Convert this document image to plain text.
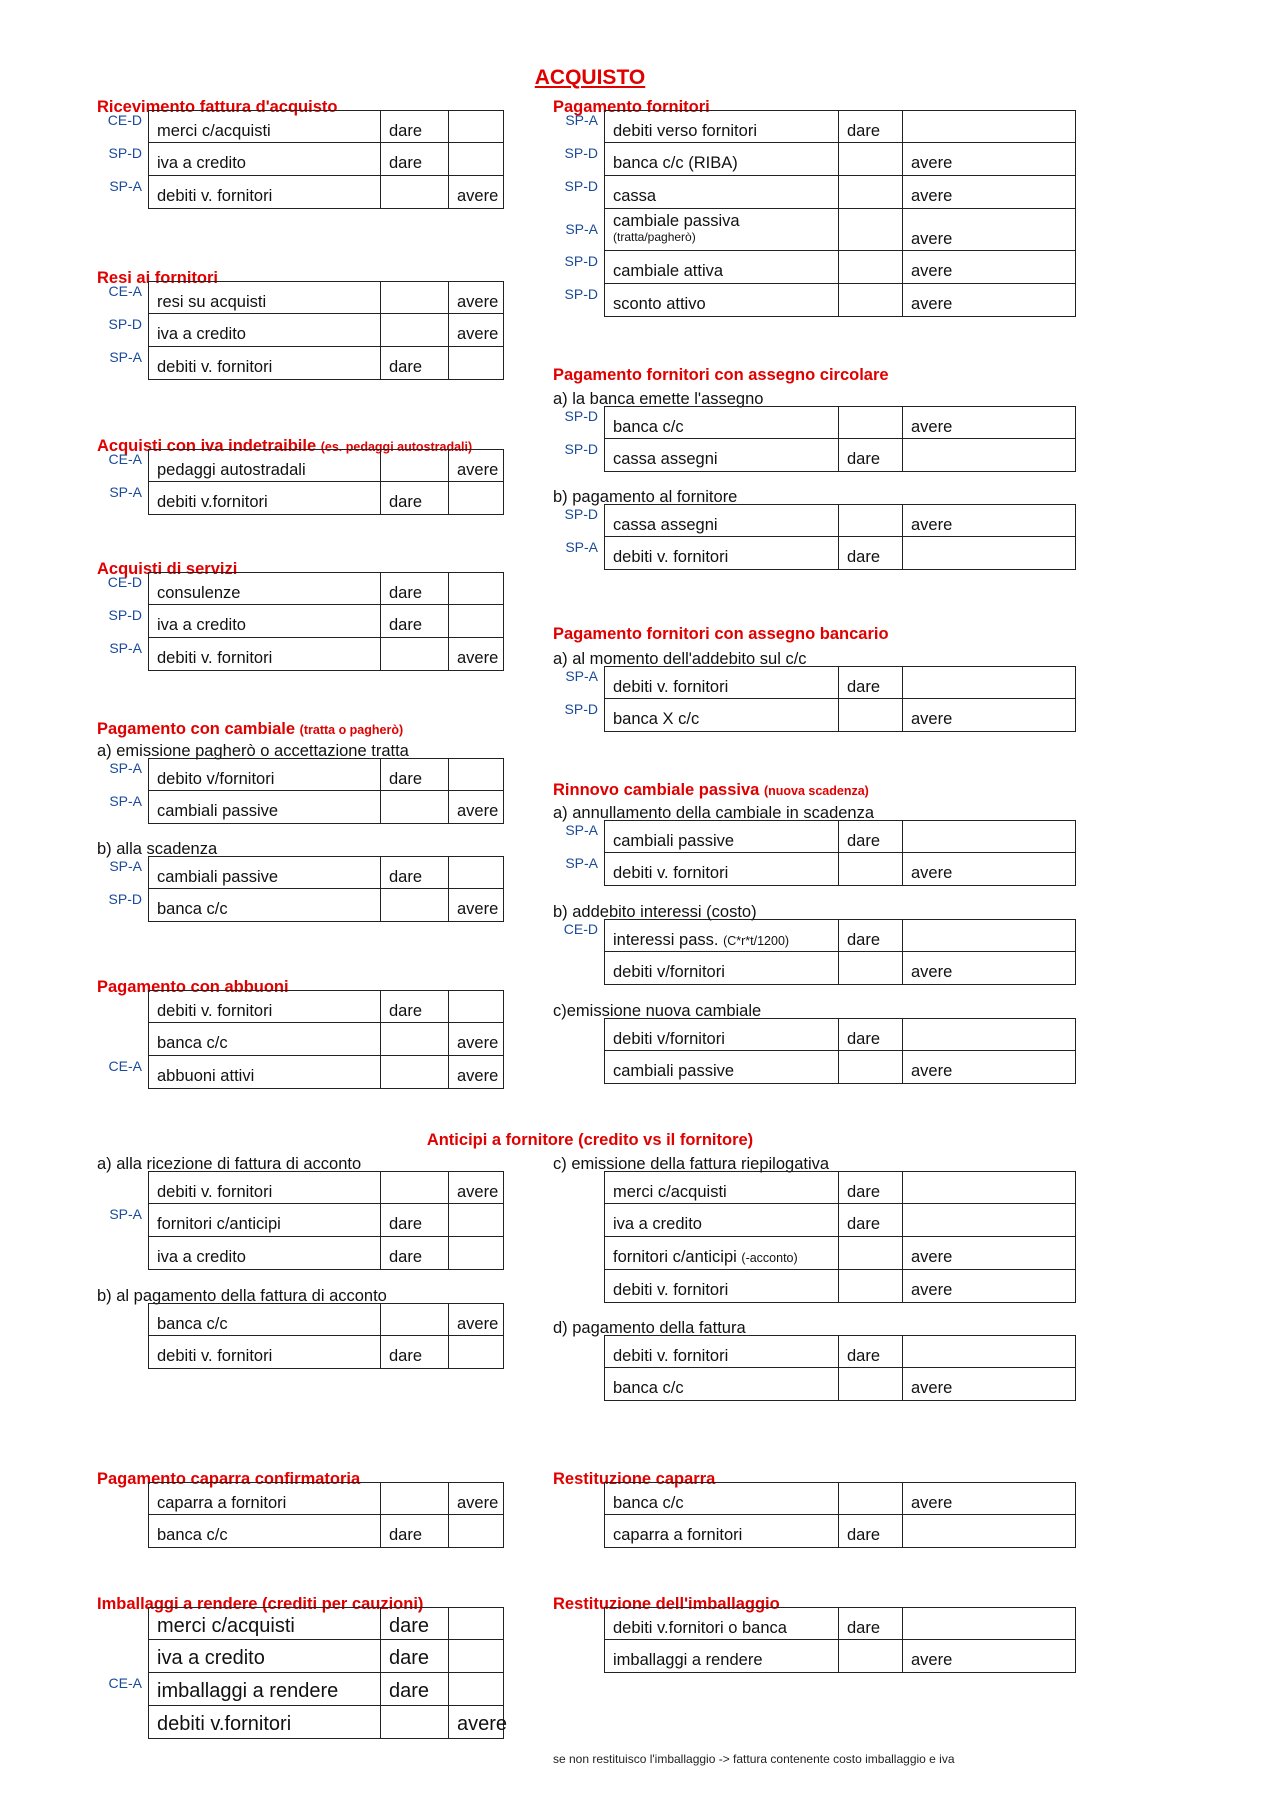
ACQUISTO
Ricevimento fattura d'acquisto
CE-D
merci c/acquisti	dare
SP-D
iva a credito	dare
SP-A
debiti v. fornitori	avere
Resi ai fornitori
CE-A
resi su acquisti	avere
SP-D
iva a credito	avere
SP-A
debiti v. fornitori	dare
Acquisti con iva indetraibile (es. pedaggi autostradali)
CE-A
pedaggi autostradali	avere
SP-A
debiti v.fornitori	dare
Acquisti di servizi
CE-D
consulenze	dare
SP-D
iva a credito	dare
SP-A
debiti v. fornitori	avere
Pagamento con cambiale (tratta o pagherò)
a) emissione pagherò o accettazione tratta
SP-A
debito v/fornitori	dare
SP-A
cambiali passive	avere
b) alla scadenza
SP-A
cambiali passive	dare
SP-D
banca c/c	avere
Pagamento con abbuoni
debiti v. fornitori	dare
banca c/c	avere
CE-A
abbuoni attivi	avere
Pagamento fornitori
SP-A
debiti verso fornitori	dare
SP-D
banca c/c (RIBA)	avere
SP-D
cassa	avere
SP-A cambiale passiva
(tratta/pagherò)	avere
SP-D
cambiale attiva	avere
SP-D
sconto attivo	avere
Pagamento fornitori con assegno circolare
a) la banca emette l'assegno
SP-D
banca c/c	avere
SP-D
cassa assegni	dare
b) pagamento al fornitore
SP-D
cassa assegni	avere
SP-A
debiti v. fornitori	dare
Pagamento fornitori con assegno bancario
a) al momento dell'addebito sul c/c
SP-A
debiti v. fornitori	dare
SP-D
banca X c/c	avere
Rinnovo cambiale passiva (nuova scadenza)
a) annullamento della cambiale in scadenza
SP-A
cambiali passive	dare
SP-A
debiti v. fornitori	avere
b) addebito interessi (costo)
CE-D
interessi pass. (C*r*t/1200)	dare
debiti v/fornitori	avere
c)emissione nuova cambiale
debiti v/fornitori	dare
cambiali passive	avere
Anticipi a fornitore (credito vs il fornitore)
a) alla ricezione di fattura di acconto
debiti v. fornitori	avere
SP-A
fornitori c/anticipi	dare
iva a credito	dare
b) al pagamento della fattura di acconto
banca c/c	avere
debiti v. fornitori	dare
c) emissione della fattura riepilogativa
merci c/acquisti	dare
iva a credito	dare
fornitori c/anticipi (-acconto)	avere
debiti v. fornitori	avere
d) pagamento della fattura
debiti v. fornitori	dare
banca c/c	avere
Pagamento caparra confirmatoria
caparra a fornitori	avere
banca c/c	dare
Restituzione caparra
banca c/c	avere
caparra a fornitori	dare
Imballaggi a rendere (crediti per cauzioni)
merci c/acquisti	dare
iva a credito	dare
CE-A imballaggi a rendere	dare
debiti v.fornitori	avere
Restituzione dell'imballaggio
debiti v.fornitori o banca	dare
imballaggi a rendere	avere
se non restituisco l'imballaggio -> fattura contenente costo imballaggio e iva
